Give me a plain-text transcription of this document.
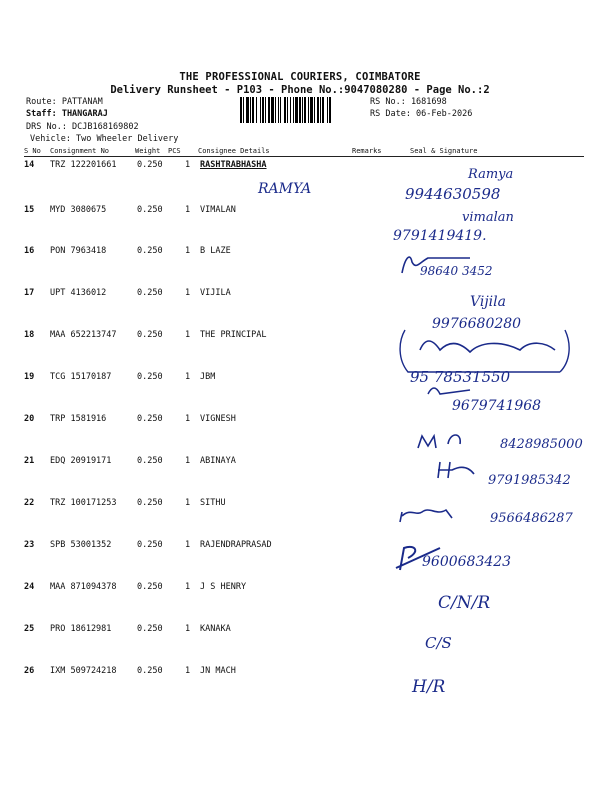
THE PROFESSIONAL COURIERS, COIMBATORE
Delivery Runsheet - P103 - Phone No.:9047080280 - Page No.:2
Route: PATTANAM
Staff: THANGARAJ
DRS No.: DCJB168169802
Vehicle: Two Wheeler Delivery
RS No.: 1681698
RS Date: 06-Feb-2026
S No Consignment No	Weight PCS Consignee Details	Remarks	Seal & Signature
14 TRZ 122201661 0.250	1 RASHTRABHASHA
15 MYD 3080675	0.250	1 VIMALAN
16 PON 7963418	0.250	1 B LAZE
17 UPT 4136012	0.250	1 VIJILA
18 MAA 652213747 0.250	1 THE PRINCIPAL
19 TCG 15170187	0.250	1 JBM
20 TRP 1581916	0.250	1 VIGNESH
21 EDQ 20919171	0.250	1 ABINAYA
22 TRZ 100171253 0.250	1 SITHU
23 SPB 53001352	0.250	1 RAJENDRAPRASAD
24 MAA 871094378 0.250	1 J S HENRY
25 PRO 18612981	0.250	1 KANAKA
26 IXM 509724218 0.250	1 JN MACH
RAMYA
Ramya
9944630598
vimalan
9791419419.
98640 3452
Vijila
9976680280
95 78531550
9679741968
8428985000
9791985342
9566486287
9600683423
C/N/R
C/S
H/R
